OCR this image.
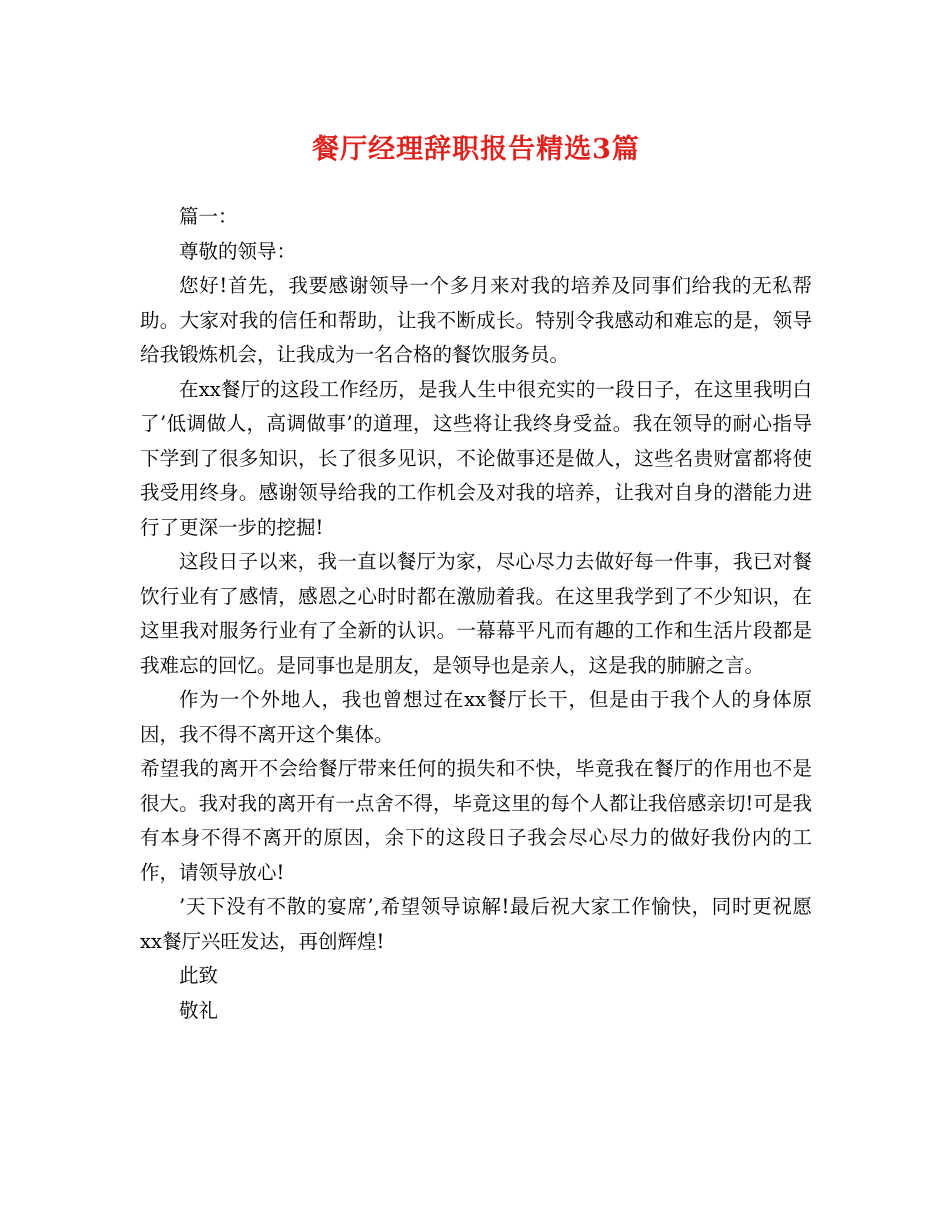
餐厅经理辞职报告精选3篇

篇一：

尊敬的领导：

您好!首先，我要感谢领导一个多月来对我的培养及同事们给我的无私帮助。大家对我的信任和帮助，让我不断成长。特别令我感动和难忘的是，领导给我锻炼机会，让我成为一名合格的餐饮服务员。

在xx餐厅的这段工作经历，是我人生中很充实的一段日子，在这里我明白了’低调做人，高调做事’的道理，这些将让我终身受益。我在领导的耐心指导下学到了很多知识，长了很多见识，不论做事还是做人，这些名贵财富都将使我受用终身。感谢领导给我的工作机会及对我的培养，让我对自身的潜能力进行了更深一步的挖掘!

这段日子以来，我一直以餐厅为家，尽心尽力去做好每一件事，我已对餐饮行业有了感情，感恩之心时时都在激励着我。在这里我学到了不少知识，在这里我对服务行业有了全新的认识。一幕幕平凡而有趣的工作和生活片段都是我难忘的回忆。是同事也是朋友，是领导也是亲人，这是我的肺腑之言。

作为一个外地人，我也曾想过在xx餐厅长干，但是由于我个人的身体原因，我不得不离开这个集体。

希望我的离开不会给餐厅带来任何的损失和不快，毕竟我在餐厅的作用也不是很大。我对我的离开有一点舍不得，毕竟这里的每个人都让我倍感亲切!可是我有本身不得不离开的原因，余下的这段日子我会尽心尽力的做好我份内的工作，请领导放心!

’天下没有不散的宴席’,希望领导谅解!最后祝大家工作愉快，同时更祝愿xx餐厅兴旺发达，再创辉煌!

此致

敬礼
